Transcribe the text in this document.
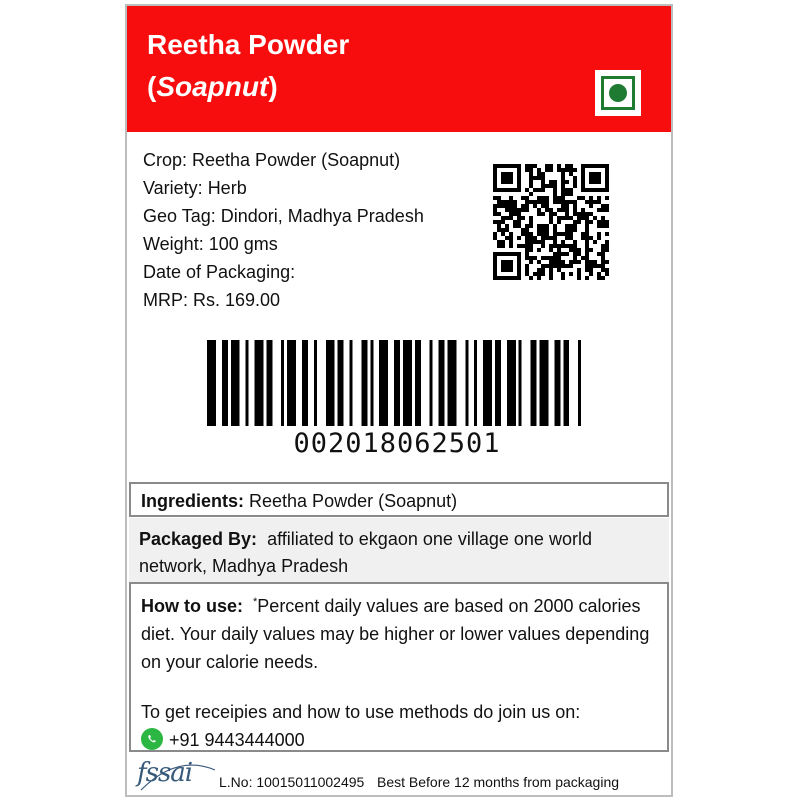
Reetha Powder
(Soapnut)
Crop: Reetha Powder (Soapnut)
Variety: Herb
Geo Tag: Dindori, Madhya Pradesh
Weight: 100 gms
Date of Packaging:
MRP: Rs. 169.00
002018062501
Ingredients: Reetha Powder (Soapnut)
Packaged By:  affiliated to ekgaon one village one world network, Madhya Pradesh
How to use: *Percent daily values are based on 2000 calories diet. Your daily values may be higher or lower values depending on your calorie needs.
To get receipies and how to use methods do join us on:
+91 9443444000
fssai L.No: 10015011002495 Best Before 12 months from packaging
